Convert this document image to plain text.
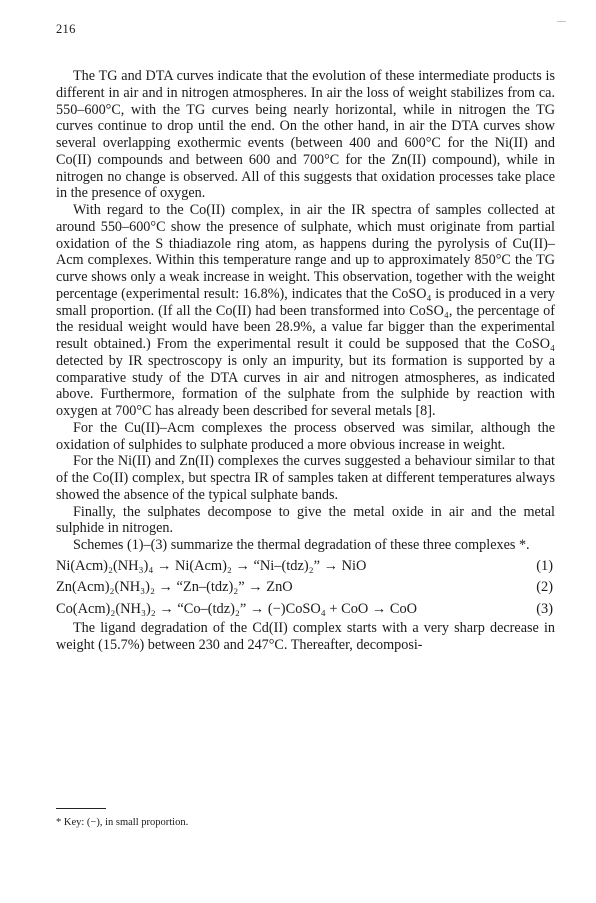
216
—

The TG and DTA curves indicate that the evolution of these intermediate products is different in air and in nitrogen atmospheres. In air the loss of weight stabilizes from ca. 550–600°C, with the TG curves being nearly horizontal, while in nitrogen the TG curves continue to drop until the end. On the other hand, in air the DTA curves show several overlapping exothermic events (between 400 and 600°C for the Ni(II) and Co(II) compounds and between 600 and 700°C for the Zn(II) compound), while in nitrogen no change is observed. All of this suggests that oxidation processes take place in the presence of oxygen.

With regard to the Co(II) complex, in air the IR spectra of samples collected at around 550–600°C show the presence of sulphate, which must originate from partial oxidation of the S thiadiazole ring atom, as happens during the pyrolysis of Cu(II)–Acm complexes. Within this temperature range and up to approximately 850°C the TG curve shows only a weak increase in weight. This observation, together with the weight percentage (experimental result: 16.8%), indicates that the CoSO₄ is produced in a very small proportion. (If all the Co(II) had been transformed into CoSO₄, the percentage of the residual weight would have been 28.9%, a value far bigger than the experimental result obtained.) From the experimental result it could be supposed that the CoSO₄ detected by IR spectroscopy is only an impurity, but its formation is supported by a comparative study of the DTA curves in air and nitrogen atmospheres, as indicated above. Furthermore, formation of the sulphate from the sulphide by reaction with oxygen at 700°C has already been described for several metals [8].

For the Cu(II)–Acm complexes the process observed was similar, although the oxidation of sulphides to sulphate produced a more obvious increase in weight.

For the Ni(II) and Zn(II) complexes the curves suggested a behaviour similar to that of the Co(II) complex, but spectra IR of samples taken at different temperatures always showed the absence of the typical sulphate bands.

Finally, the sulphates decompose to give the metal oxide in air and the metal sulphide in nitrogen.

Schemes (1)–(3) summarize the thermal degradation of these three complexes *.

Ni(Acm)₂(NH₃)₄ → Ni(Acm)₂ → “Ni–(tdz)₂” → NiO	(1)
Zn(Acm)₂(NH₃)₂ → “Zn–(tdz)₂” → ZnO	(2)
Co(Acm)₂(NH₃)₂ → “Co–(tdz)₂” → (−)CoSO₄ + CoO → CoO	(3)

The ligand degradation of the Cd(II) complex starts with a very sharp decrease in weight (15.7%) between 230 and 247°C. Thereafter, decomposi-

* Key: (−), in small proportion.
